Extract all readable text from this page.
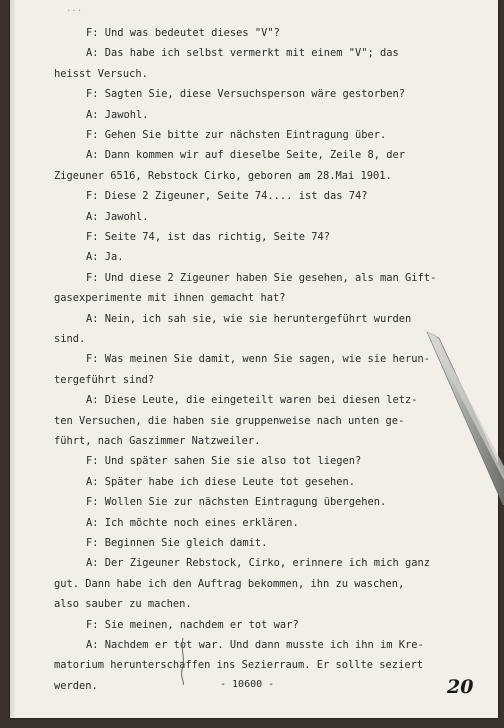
...
F: Und was bedeutet dieses "V"?
A: Das habe ich selbst vermerkt mit einem "V"; das
heisst Versuch.
F: Sagten Sie, diese Versuchsperson wäre gestorben?
A: Jawohl.
F: Gehen Sie bitte zur nächsten Eintragung über.
A: Dann kommen wir auf dieselbe Seite, Zeile 8, der
Zigeuner 6516, Rebstock Cirko, geboren am 28.Mai 1901.
F: Diese 2 Zigeuner, Seite 74.... ist das 74?
A: Jawohl.
F: Seite 74, ist das richtig, Seite 74?
A: Ja.
F: Und diese 2 Zigeuner haben Sie gesehen, als man Gift-
gasexperimente mit ihnen gemacht hat?
A: Nein, ich sah sie, wie sie heruntergeführt wurden
sind.
F: Was meinen Sie damit, wenn Sie sagen, wie sie herun-
tergeführt sind?
A: Diese Leute, die eingeteilt waren bei diesen letz-
ten Versuchen, die haben sie gruppenweise nach unten ge-
führt, nach Gaszimmer Natzweiler.
F: Und später sahen Sie sie also tot liegen?
A: Später habe ich diese Leute tot gesehen.
F: Wollen Sie zur nächsten Eintragung übergehen.
A: Ich möchte noch eines erklären.
F: Beginnen Sie gleich damit.
A: Der Zigeuner Rebstock, Cirko, erinnere ich mich ganz
gut. Dann habe ich den Auftrag bekommen, ihn zu waschen,
also sauber zu machen.
F: Sie meinen, nachdem er tot war?
A: Nachdem er tot war. Und dann musste ich ihn im Kre-
matorium herunterschaffen ins Sezierraum. Er sollte seziert
werden.	- 10600 -	20
